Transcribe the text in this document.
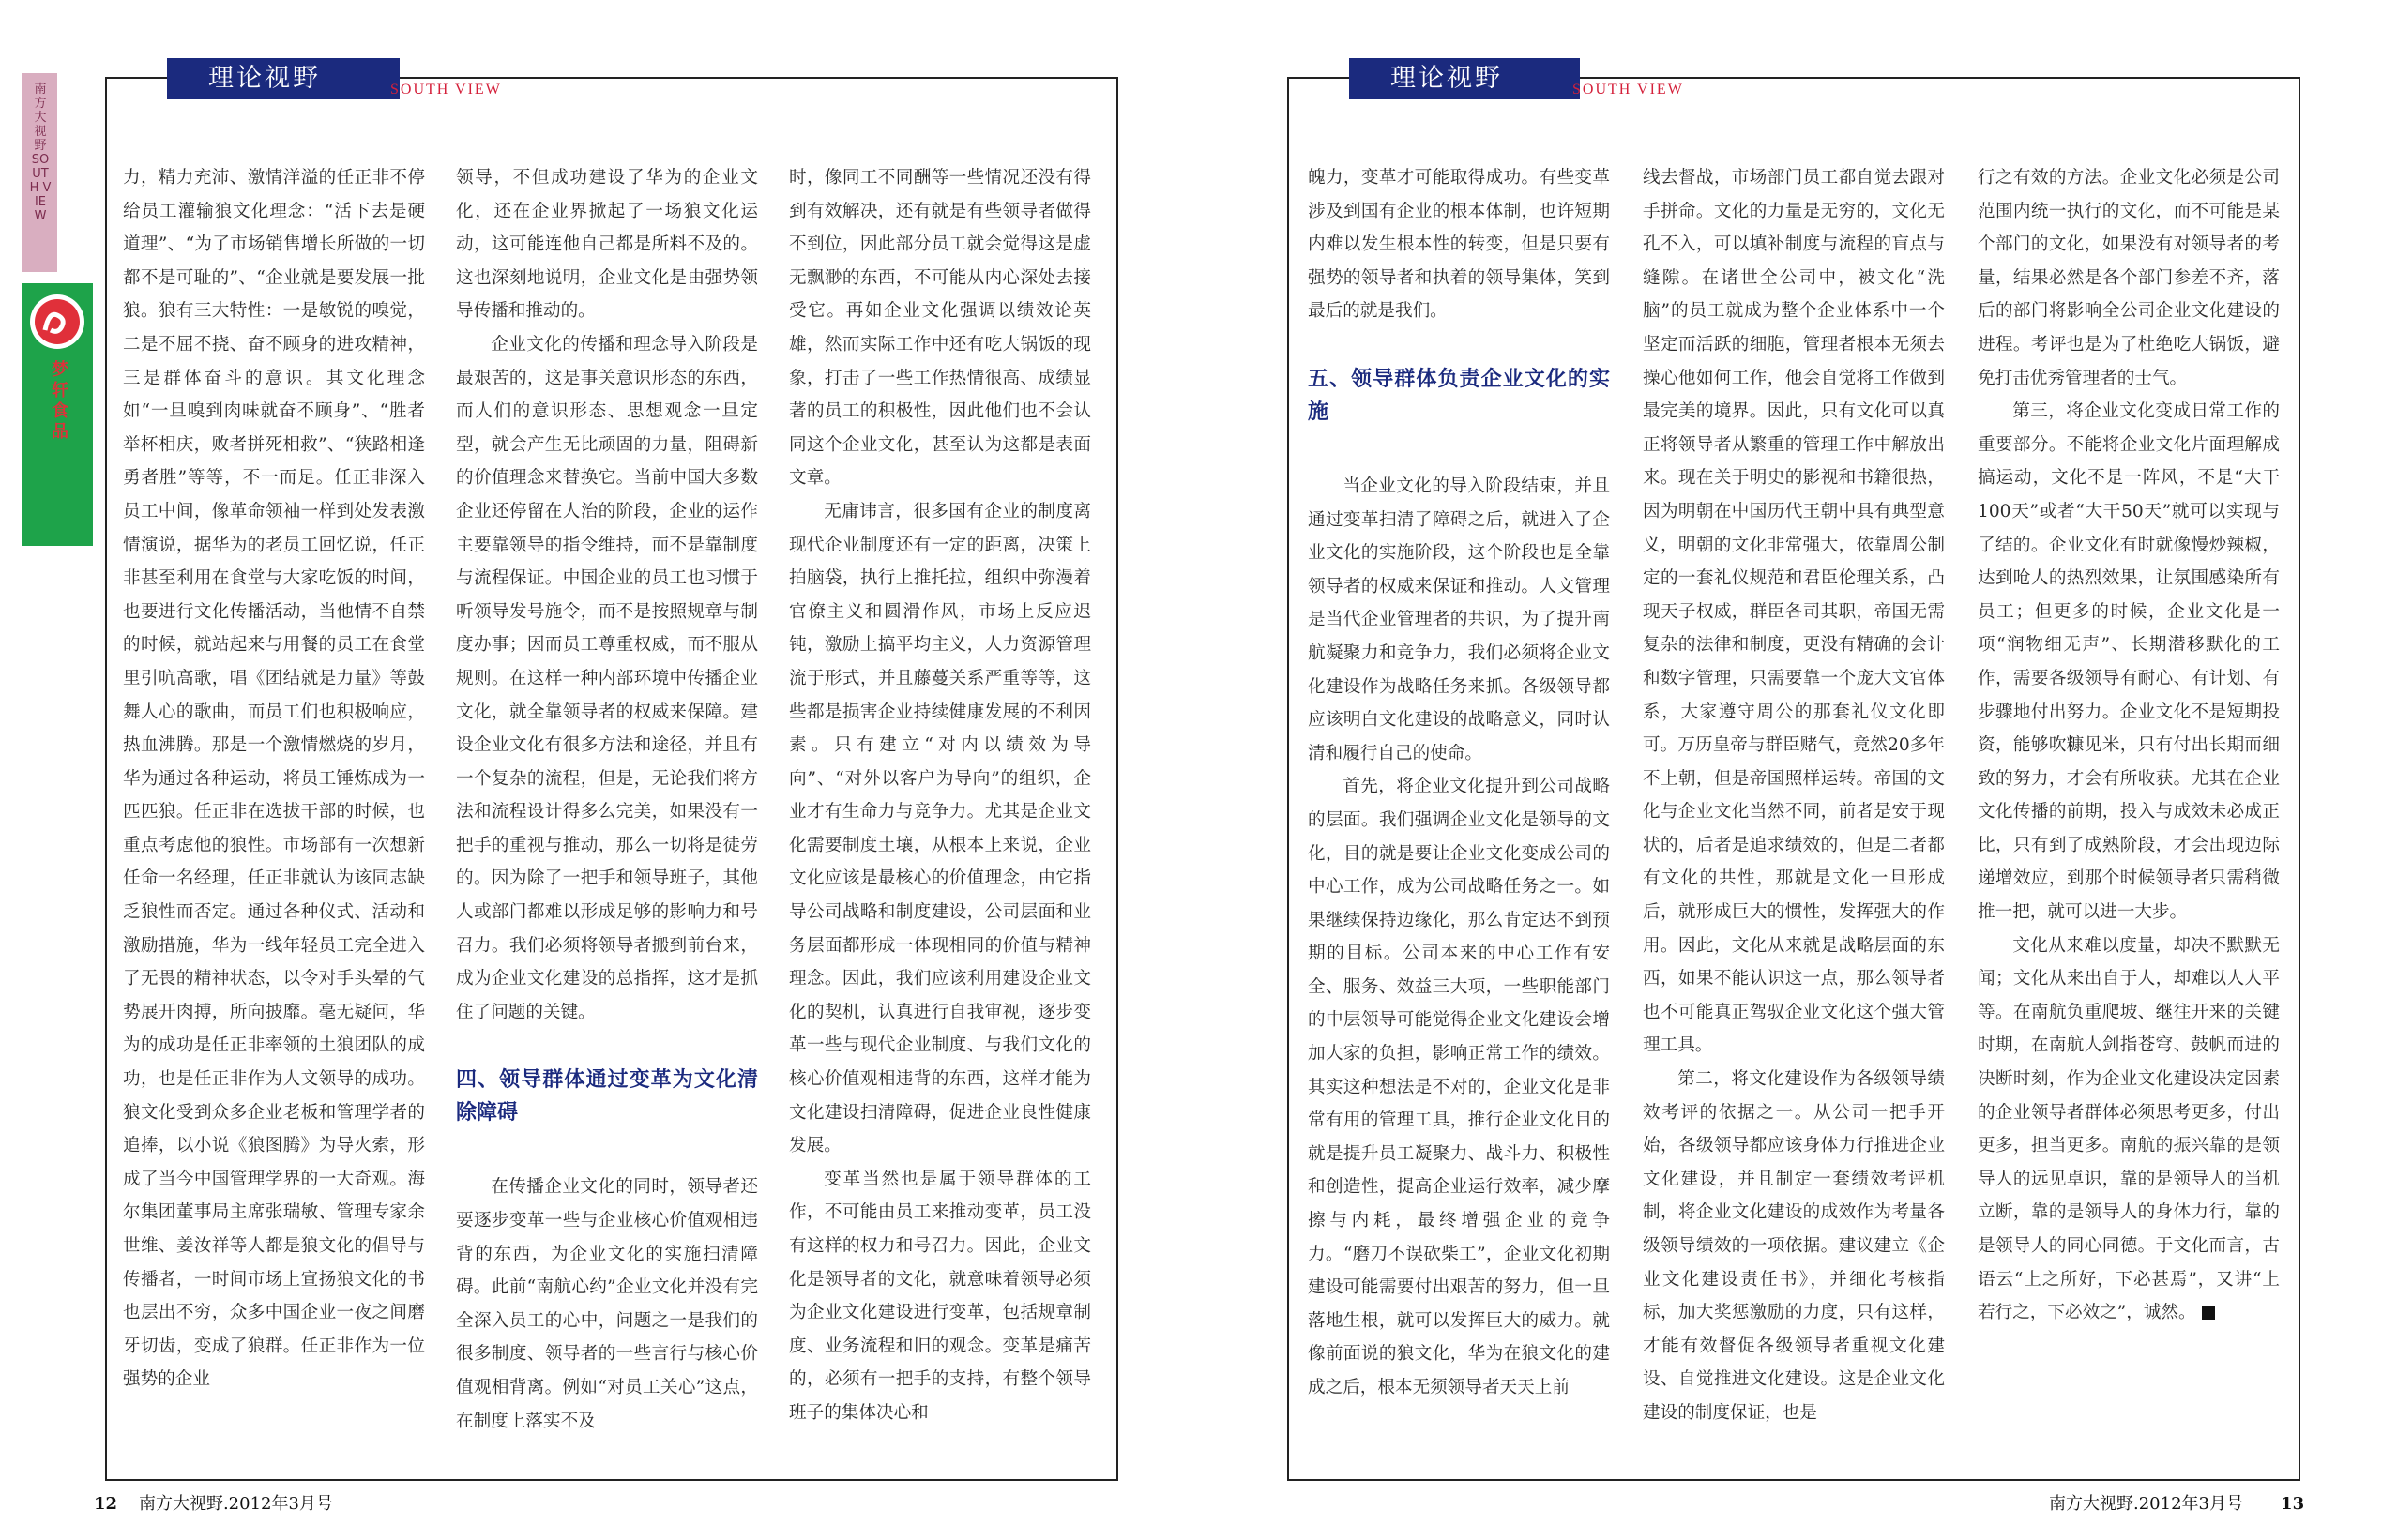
南方大视野 SOUTH VIEW
梦轩食品
理论视野	SOUTH VIEW

力，精力充沛、激情洋溢的任正非不停给员工灌输狼文化理念：“活下去是硬道理”、“为了市场销售增长所做的一切都不是可耻的”、“企业就是要发展一批狼。狼有三大特性：一是敏锐的嗅觉，二是不屈不挠、奋不顾身的进攻精神，三是群体奋斗的意识。其文化理念如“一旦嗅到肉味就奋不顾身”、“胜者举杯相庆，败者拼死相救”、“狭路相逢勇者胜”等等，不一而足。任正非深入员工中间，像革命领袖一样到处发表激情演说，据华为的老员工回忆说，任正非甚至利用在食堂与大家吃饭的时间，也要进行文化传播活动，当他情不自禁的时候，就站起来与用餐的员工在食堂里引吭高歌，唱《团结就是力量》等鼓舞人心的歌曲，而员工们也积极响应，热血沸腾。那是一个激情燃烧的岁月，华为通过各种运动，将员工锤炼成为一匹匹狼。任正非在选拔干部的时候，也重点考虑他的狼性。市场部有一次想新任命一名经理，任正非就认为该同志缺乏狼性而否定。通过各种仪式、活动和激励措施，华为一线年轻员工完全进入了无畏的精神状态，以令对手头晕的气势展开肉搏，所向披靡。毫无疑问，华为的成功是任正非率领的土狼团队的成功，也是任正非作为人文领导的成功。狼文化受到众多企业老板和管理学者的追捧，以小说《狼图腾》为导火索，形成了当今中国管理学界的一大奇观。海尔集团董事局主席张瑞敏、管理专家余世维、姜汝祥等人都是狼文化的倡导与传播者，一时间市场上宣扬狼文化的书也层出不穷，众多中国企业一夜之间磨牙切齿，变成了狼群。任正非作为一位强势的企业

领导，不但成功建设了华为的企业文化，还在企业界掀起了一场狼文化运动，这可能连他自己都是所料不及的。这也深刻地说明，企业文化是由强势领导传播和推动的。

企业文化的传播和理念导入阶段是最艰苦的，这是事关意识形态的东西，而人们的意识形态、思想观念一旦定型，就会产生无比顽固的力量，阻碍新的价值理念来替换它。当前中国大多数企业还停留在人治的阶段，企业的运作主要靠领导的指令维持，而不是靠制度与流程保证。中国企业的员工也习惯于听领导发号施令，而不是按照规章与制度办事；因而员工尊重权威，而不服从规则。在这样一种内部环境中传播企业文化，就全靠领导者的权威来保障。建设企业文化有很多方法和途径，并且有一个复杂的流程，但是，无论我们将方法和流程设计得多么完美，如果没有一把手的重视与推动，那么一切将是徒劳的。因为除了一把手和领导班子，其他人或部门都难以形成足够的影响力和号召力。我们必须将领导者搬到前台来，成为企业文化建设的总指挥，这才是抓住了问题的关键。

四、领导群体通过变革为文化清除障碍

在传播企业文化的同时，领导者还要逐步变革一些与企业核心价值观相违背的东西，为企业文化的实施扫清障碍。此前“南航心约”企业文化并没有完全深入员工的心中，问题之一是我们的很多制度、领导者的一些言行与核心价值观相背离。例如“对员工关心”这点，在制度上落实不及

时，像同工不同酬等一些情况还没有得到有效解决，还有就是有些领导者做得不到位，因此部分员工就会觉得这是虚无飘渺的东西，不可能从内心深处去接受它。再如企业文化强调以绩效论英雄，然而实际工作中还有吃大锅饭的现象，打击了一些工作热情很高、成绩显著的员工的积极性，因此他们也不会认同这个企业文化，甚至认为这都是表面文章。

无庸讳言，很多国有企业的制度离现代企业制度还有一定的距离，决策上拍脑袋，执行上推托拉，组织中弥漫着官僚主义和圆滑作风，市场上反应迟钝，激励上搞平均主义，人力资源管理流于形式，并且藤蔓关系严重等等，这些都是损害企业持续健康发展的不利因素。只有建立“对内以绩效为导向”、“对外以客户为导向”的组织，企业才有生命力与竞争力。尤其是企业文化需要制度土壤，从根本上来说，企业文化应该是最核心的价值理念，由它指导公司战略和制度建设，公司层面和业务层面都形成一体现相同的价值与精神理念。因此，我们应该利用建设企业文化的契机，认真进行自我审视，逐步变革一些与现代企业制度、与我们文化的核心价值观相违背的东西，这样才能为文化建设扫清障碍，促进企业良性健康发展。

变革当然也是属于领导群体的工作，不可能由员工来推动变革，员工没有这样的权力和号召力。因此，企业文化是领导者的文化，就意味着领导必须为企业文化建设进行变革，包括规章制度、业务流程和旧的观念。变革是痛苦的，必须有一把手的支持，有整个领导班子的集体决心和

12 南方大视野.2012年3月号
理论视野	SOUTH VIEW

魄力，变革才可能取得成功。有些变革涉及到国有企业的根本体制，也许短期内难以发生根本性的转变，但是只要有强势的领导者和执着的领导集体，笑到最后的就是我们。

五、领导群体负责企业文化的实施

当企业文化的导入阶段结束，并且通过变革扫清了障碍之后，就进入了企业文化的实施阶段，这个阶段也是全靠领导者的权威来保证和推动。人文管理是当代企业管理者的共识，为了提升南航凝聚力和竞争力，我们必须将企业文化建设作为战略任务来抓。各级领导都应该明白文化建设的战略意义，同时认清和履行自己的使命。

首先，将企业文化提升到公司战略的层面。我们强调企业文化是领导的文化，目的就是要让企业文化变成公司的中心工作，成为公司战略任务之一。如果继续保持边缘化，那么肯定达不到预期的目标。公司本来的中心工作有安全、服务、效益三大项，一些职能部门的中层领导可能觉得企业文化建设会增加大家的负担，影响正常工作的绩效。其实这种想法是不对的，企业文化是非常有用的管理工具，推行企业文化目的就是提升员工凝聚力、战斗力、积极性和创造性，提高企业运行效率，减少摩擦与内耗，最终增强企业的竞争力。“磨刀不误砍柴工”，企业文化初期建设可能需要付出艰苦的努力，但一旦落地生根，就可以发挥巨大的威力。就像前面说的狼文化，华为在狼文化的建成之后，根本无须领导者天天上前

线去督战，市场部门员工都自觉去跟对手拼命。文化的力量是无穷的，文化无孔不入，可以填补制度与流程的盲点与缝隙。在诸世全公司中，被文化“洗脑”的员工就成为整个企业体系中一个坚定而活跃的细胞，管理者根本无须去操心他如何工作，他会自觉将工作做到最完美的境界。因此，只有文化可以真正将领导者从繁重的管理工作中解放出来。现在关于明史的影视和书籍很热，因为明朝在中国历代王朝中具有典型意义，明朝的文化非常强大，依靠周公制定的一套礼仪规范和君臣伦理关系，凸现天子权威，群臣各司其职，帝国无需复杂的法律和制度，更没有精确的会计和数字管理，只需要靠一个庞大文官体系，大家遵守周公的那套礼仪文化即可。万历皇帝与群臣赌气，竟然20多年不上朝，但是帝国照样运转。帝国的文化与企业文化当然不同，前者是安于现状的，后者是追求绩效的，但是二者都有文化的共性，那就是文化一旦形成后，就形成巨大的惯性，发挥强大的作用。因此，文化从来就是战略层面的东西，如果不能认识这一点，那么领导者也不可能真正驾驭企业文化这个强大管理工具。

第二，将文化建设作为各级领导绩效考评的依据之一。从公司一把手开始，各级领导都应该身体力行推进企业文化建设，并且制定一套绩效考评机制，将企业文化建设的成效作为考量各级领导绩效的一项依据。建议建立《企业文化建设责任书》，并细化考核指标，加大奖惩激励的力度，只有这样，才能有效督促各级领导者重视文化建设、自觉推进文化建设。这是企业文化建设的制度保证，也是

行之有效的方法。企业文化必须是公司范围内统一执行的文化，而不可能是某个部门的文化，如果没有对领导者的考量，结果必然是各个部门参差不齐，落后的部门将影响全公司企业文化建设的进程。考评也是为了杜绝吃大锅饭，避免打击优秀管理者的士气。

第三，将企业文化变成日常工作的重要部分。不能将企业文化片面理解成搞运动，文化不是一阵风，不是“大干100天”或者“大干50天”就可以实现与了结的。企业文化有时就像慢炒辣椒，达到呛人的热烈效果，让氛围感染所有员工；但更多的时候，企业文化是一项“润物细无声”、长期潜移默化的工作，需要各级领导有耐心、有计划、有步骤地付出努力。企业文化不是短期投资，能够吹糠见米，只有付出长期而细致的努力，才会有所收获。尤其在企业文化传播的前期，投入与成效未必成正比，只有到了成熟阶段，才会出现边际递增效应，到那个时候领导者只需稍微推一把，就可以进一大步。

文化从来难以度量，却决不默默无闻；文化从来出自于人，却难以人人平等。在南航负重爬坡、继往开来的关键时期，在南航人剑指苍穹、鼓帆而进的决断时刻，作为企业文化建设决定因素的企业领导者群体必须思考更多，付出更多，担当更多。南航的振兴靠的是领导人的远见卓识，靠的是领导人的当机立断，靠的是领导人的身体力行，靠的是领导人的同心同德。于文化而言，古语云“上之所好，下必甚焉”，又讲“上若行之，下必效之”，诚然。

南方大视野.2012年3月号 13
